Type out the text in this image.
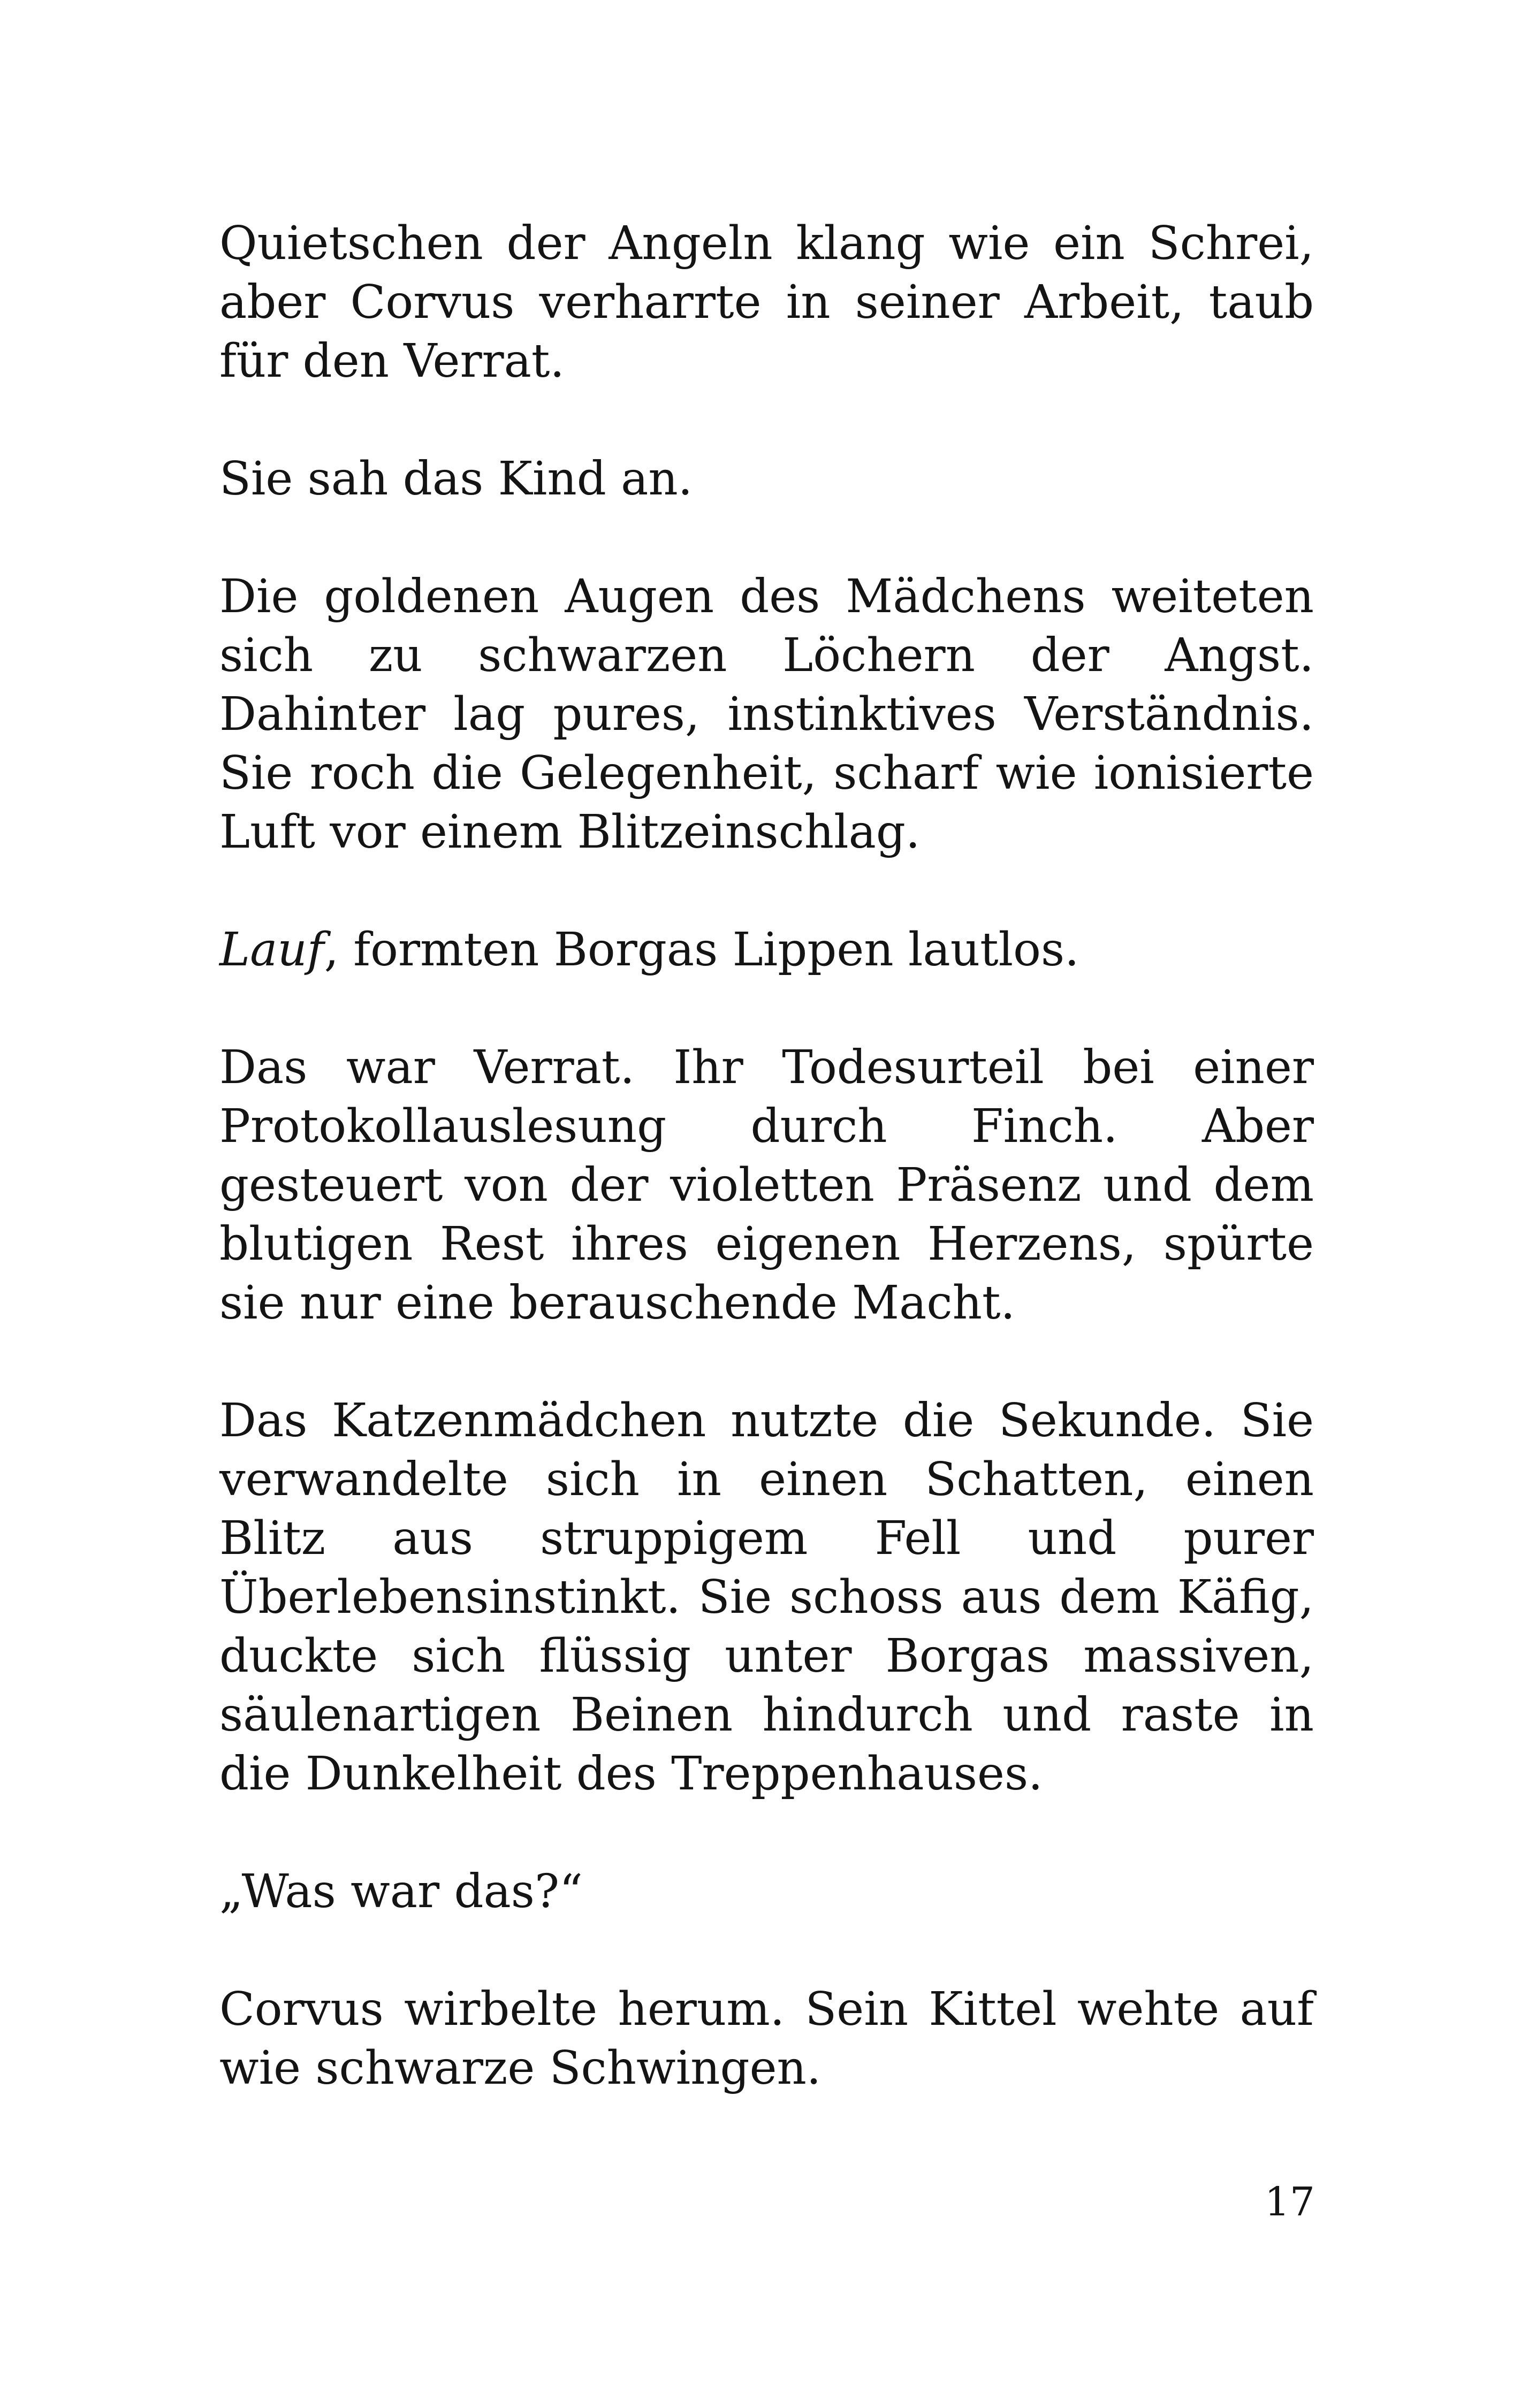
Quietschen der Angeln klang wie ein Schrei, aber Corvus verharrte in seiner Arbeit, taub für den Verrat.

Sie sah das Kind an.

Die goldenen Augen des Mädchens weiteten sich zu schwarzen Löchern der Angst. Dahinter lag pures, instinktives Verständnis. Sie roch die Gelegenheit, scharf wie ionisierte Luft vor einem Blitzeinschlag.

Lauf, formten Borgas Lippen lautlos.

Das war Verrat. Ihr Todesurteil bei einer Protokollauslesung durch Finch. Aber gesteuert von der violetten Präsenz und dem blutigen Rest ihres eigenen Herzens, spürte sie nur eine berauschende Macht.

Das Katzenmädchen nutzte die Sekunde. Sie verwandelte sich in einen Schatten, einen Blitz aus struppigem Fell und purer Überlebensinstinkt. Sie schoss aus dem Käfig, duckte sich flüssig unter Borgas massiven, säulenartigen Beinen hindurch und raste in die Dunkelheit des Treppenhauses.

„Was war das?“

Corvus wirbelte herum. Sein Kittel wehte auf wie schwarze Schwingen.

17
